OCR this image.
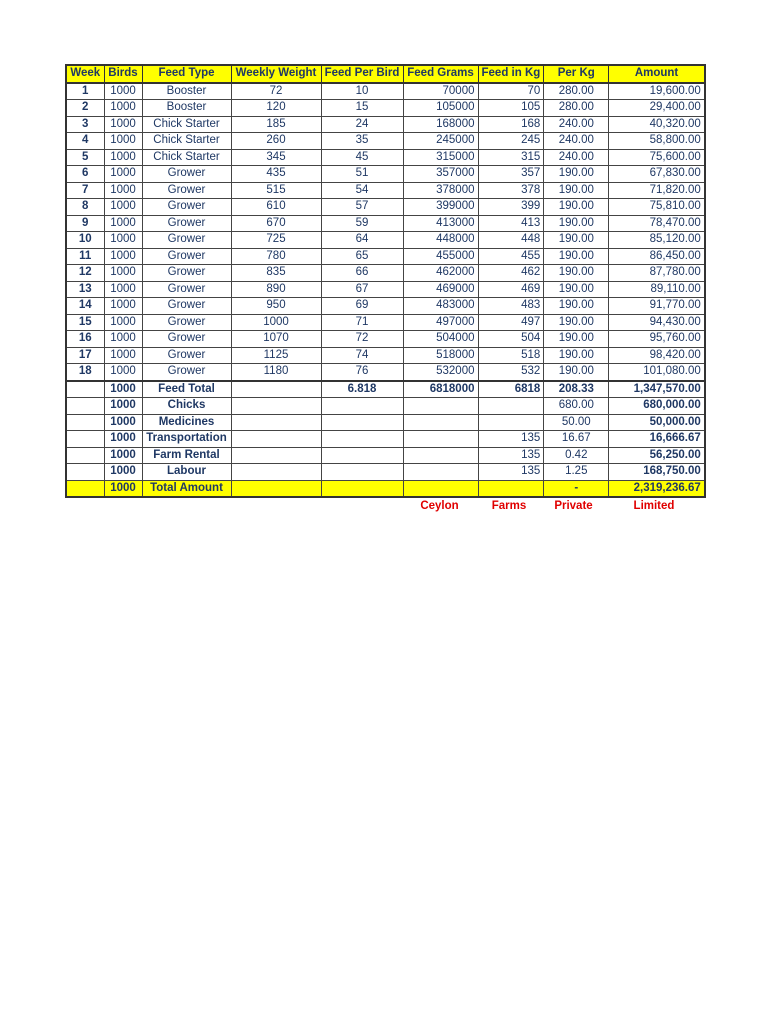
Week	Birds	Feed Type	Weekly Weight	Feed Per Bird	Feed Grams	Feed in Kg	Per Kg	Amount
1	1000	Booster	72	10	70000	70	280.00	19,600.00
2	1000	Booster	120	15	105000	105	280.00	29,400.00
3	1000	Chick Starter	185	24	168000	168	240.00	40,320.00
4	1000	Chick Starter	260	35	245000	245	240.00	58,800.00
5	1000	Chick Starter	345	45	315000	315	240.00	75,600.00
6	1000	Grower	435	51	357000	357	190.00	67,830.00
7	1000	Grower	515	54	378000	378	190.00	71,820.00
8	1000	Grower	610	57	399000	399	190.00	75,810.00
9	1000	Grower	670	59	413000	413	190.00	78,470.00
10	1000	Grower	725	64	448000	448	190.00	85,120.00
11	1000	Grower	780	65	455000	455	190.00	86,450.00
12	1000	Grower	835	66	462000	462	190.00	87,780.00
13	1000	Grower	890	67	469000	469	190.00	89,110.00
14	1000	Grower	950	69	483000	483	190.00	91,770.00
15	1000	Grower	1000	71	497000	497	190.00	94,430.00
16	1000	Grower	1070	72	504000	504	190.00	95,760.00
17	1000	Grower	1125	74	518000	518	190.00	98,420.00
18	1000	Grower	1180	76	532000	532	190.00	101,080.00
	1000	Feed Total		6.818	6818000	6818	208.33	1,347,570.00
	1000	Chicks					680.00	680,000.00
	1000	Medicines					50.00	50,000.00
	1000	Transportation				135	16.67	16,666.67
	1000	Farm Rental				135	0.42	56,250.00
	1000	Labour				135	1.25	168,750.00
	1000	Total Amount					-	2,319,236.67
					Ceylon	Farms	Private	Limited
